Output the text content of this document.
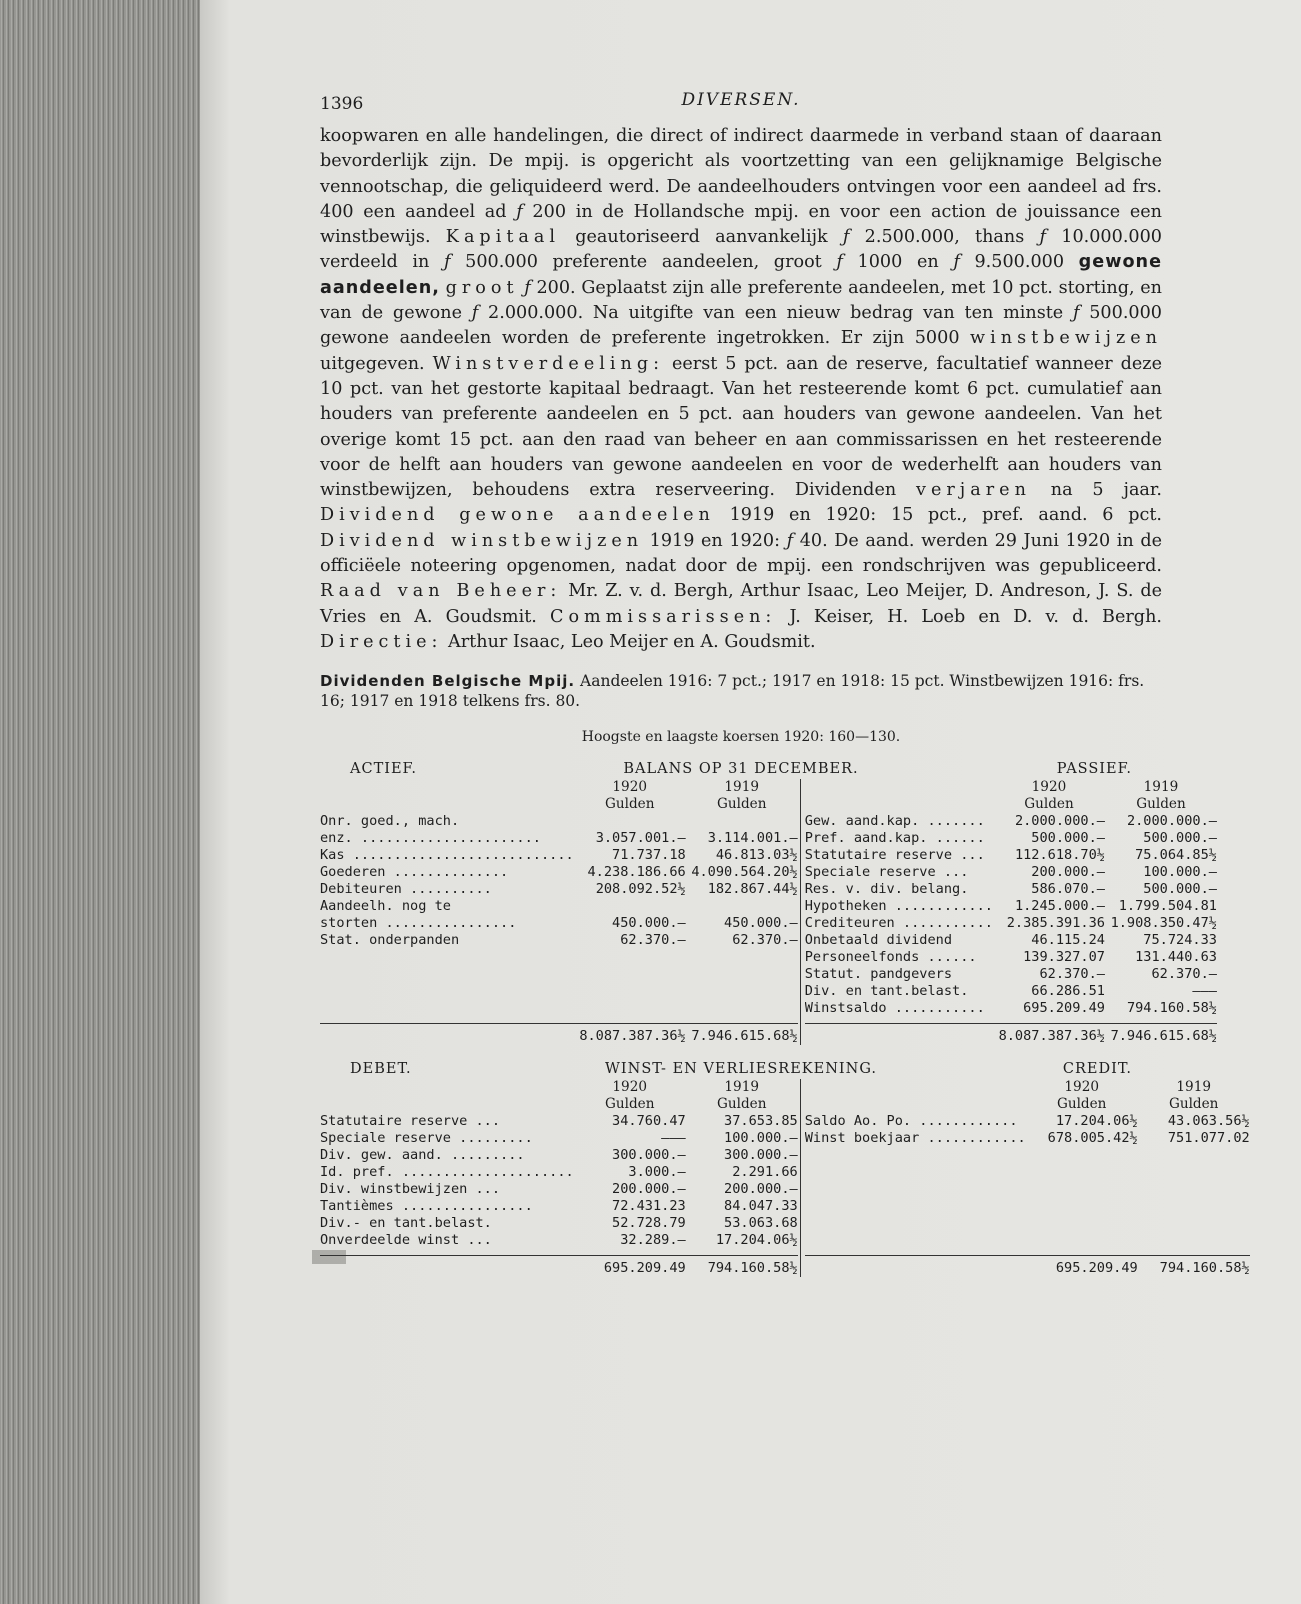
1396	DIVERSEN.

koopwaren en alle handelingen, die direct of indirect daarmede in verband staan of daaraan bevorderlijk zijn. De mpij. is opgericht als voortzetting van een gelijknamige Belgische vennootschap, die geliquideerd werd. De aandeelhouders ontvingen voor een aandeel ad frs. 400 een aandeel ad ƒ 200 in de Hollandsche mpij. en voor een action de jouissance een winstbewijs. Kapitaal geautoriseerd aanvankelijk ƒ 2.500.000, thans ƒ 10.000.000 verdeeld in ƒ 500.000 preferente aandeelen, groot ƒ 1000 en ƒ 9.500.000 gewone aandeelen, groot ƒ 200. Geplaatst zijn alle preferente aandeelen, met 10 pct. storting, en van de gewone ƒ 2.000.000. Na uitgifte van een nieuw bedrag van ten minste ƒ 500.000 gewone aandeelen worden de preferente ingetrokken. Er zijn 5000 winstbewijzen uitgegeven. Winstverdeeling: eerst 5 pct. aan de reserve, facultatief wanneer deze 10 pct. van het gestorte kapitaal bedraagt. Van het resteerende komt 6 pct. cumulatief aan houders van preferente aandeelen en 5 pct. aan houders van gewone aandeelen. Van het overige komt 15 pct. aan den raad van beheer en aan commissarissen en het resteerende voor de helft aan houders van gewone aandeelen en voor de wederhelft aan houders van winstbewijzen, behoudens extra reserveering. Dividenden verjaren na 5 jaar. Dividend gewone aandeelen 1919 en 1920: 15 pct., pref. aand. 6 pct. Dividend winstbewijzen 1919 en 1920: ƒ 40. De aand. werden 29 Juni 1920 in de officiëele noteering opgenomen, nadat door de mpij. een rondschrijven was gepubliceerd. Raad van Beheer: Mr. Z. v. d. Bergh, Arthur Isaac, Leo Meijer, D. Andreson, J. S. de Vries en A. Goudsmit. Commissarissen: J. Keiser, H. Loeb en D. v. d. Bergh. Directie: Arthur Isaac, Leo Meijer en A. Goudsmit.

Dividenden Belgische Mpij. Aandeelen 1916: 7 pct.; 1917 en 1918: 15 pct. Winstbewijzen 1916: frs. 16; 1917 en 1918 telkens frs. 80.
Hoogste en laagste koersen 1920: 160—130.
ACTIEF.	BALANS OP 31 DECEMBER.	PASSIEF.
1920	1919
Gulden	Gulden
Onr. goed., mach.
enz. ......................	3.057.001.—	3.114.001.—
Kas ...........................	71.737.18	46.813.03½
Goederen ..............	4.238.186.66 4.090.564.20½
Debiteuren ..........	208.092.52½	182.867.44½
Aandeelh. nog te
storten ................	450.000.—	450.000.—
Stat. onderpanden	62.370.—	62.370.—

8.087.387.36½ 7.946.615.68½
1920	1919
Gulden	Gulden
Gew. aand.kap. .......	2.000.000.—	2.000.000.—
Pref. aand.kap. ......	500.000.—	500.000.—
Statutaire reserve ...	112.618.70½	75.064.85½
Speciale reserve ...	200.000.—	100.000.—
Res. v. div. belang.	586.070.—	500.000.—
Hypotheken ............	1.245.000.—	1.799.504.81
Crediteuren ...........	2.385.391.36 1.908.350.47½
Onbetaald dividend	46.115.24	75.724.33
Personeelfonds ......	139.327.07	131.440.63
Statut. pandgevers	62.370.—	62.370.—
Div. en tant.belast.	66.286.51	———
Winstsaldo ...........	695.209.49	794.160.58½
8.087.387.36½ 7.946.615.68½
DEBET.	WINST- EN VERLIESREKENING.	CREDIT.
1920	1919
Gulden	Gulden
Statutaire reserve ...	34.760.47	37.653.85
Speciale reserve .........	———	100.000.—
Div. gew. aand. .........	300.000.—	300.000.—
Id. pref. .....................	3.000.—	2.291.66
Div. winstbewijzen ...	200.000.—	200.000.—
Tantièmes ................	72.431.23	84.047.33
Div.- en tant.belast.	52.728.79	53.063.68
Onverdeelde winst ...	32.289.—	17.204.06½
695.209.49	794.160.58½
1920	1919
Gulden	Gulden
Saldo Ao. Po. ............	17.204.06½	43.063.56½
Winst boekjaar ............	678.005.42½	751.077.02

695.209.49	794.160.58½
